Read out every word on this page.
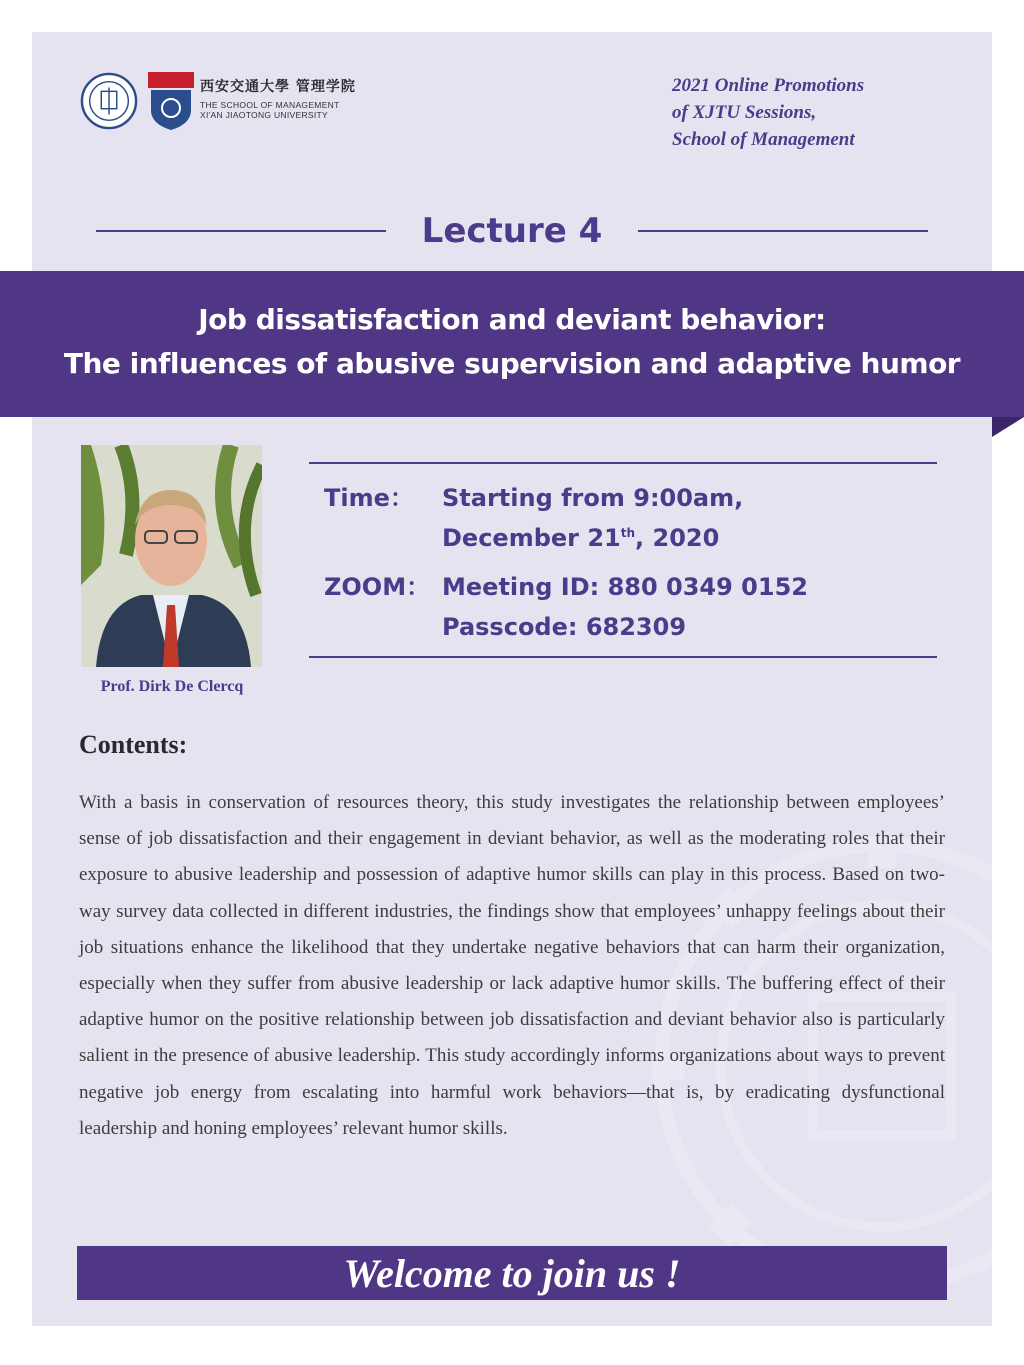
西安交通大學 管理学院
THE SCHOOL OF MANAGEMENT
XI'AN JIAOTONG UNIVERSITY
2021 Online Promotions
of XJTU Sessions,
School of Management
Lecture 4
Job dissatisfaction and deviant behavior:
The influences of abusive supervision and adaptive humor
Prof. Dirk De Clercq
Time： Starting from 9:00am,
December 21th, 2020
ZOOM： Meeting ID: 880 0349 0152
Passcode: 682309
Contents:
With a basis in conservation of resources theory, this study investigates the relationship between employees’ sense of job dissatisfaction and their engagement in deviant behavior, as well as the moderating roles that their exposure to abusive leadership and possession of adaptive humor skills can play in this process. Based on two-way survey data collected in different industries, the findings show that employees’ unhappy feelings about their job situations enhance the likelihood that they undertake negative behaviors that can harm their organization, especially when they suffer from abusive leadership or lack adaptive humor skills. The buffering effect of their adaptive humor on the positive relationship between job dissatisfaction and deviant behavior also is particularly salient in the presence of abusive leadership. This study accordingly informs organizations about ways to prevent negative job energy from escalating into harmful work behaviors—that is, by eradicating dysfunctional leadership and honing employees’ relevant humor skills.
Welcome to join us !
